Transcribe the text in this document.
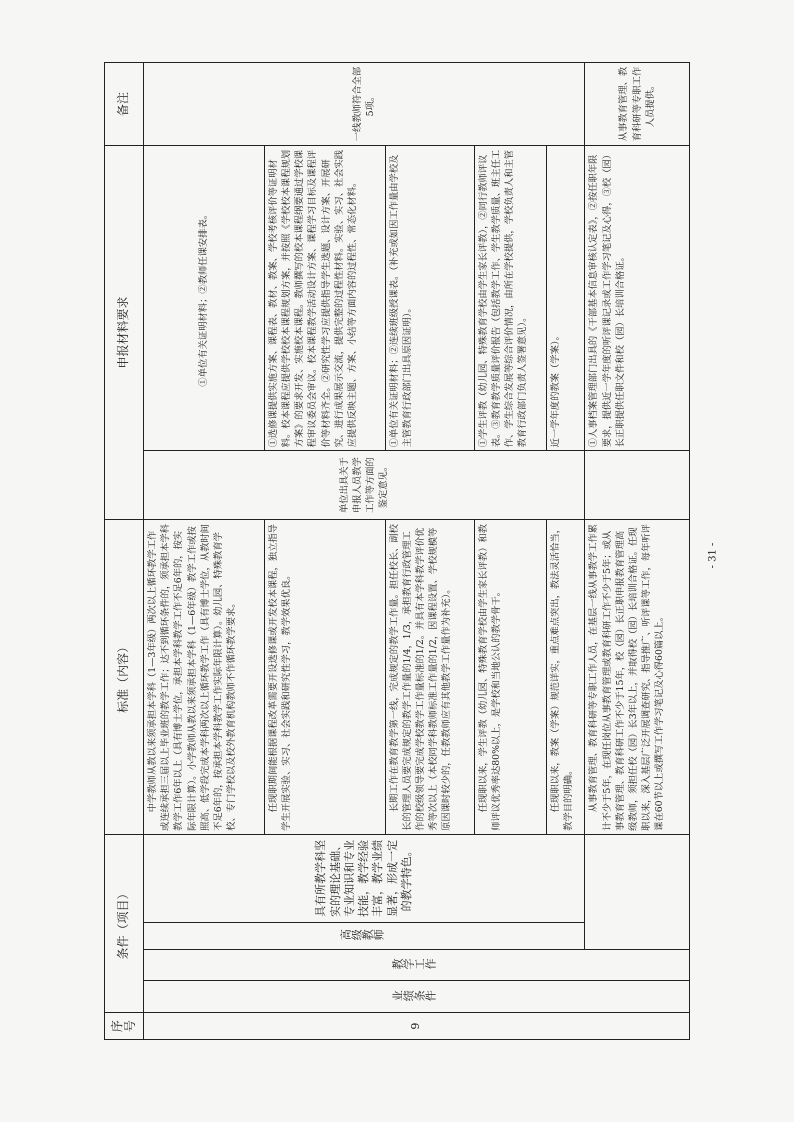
序号	条件（项目）				标准（内容）	申报材料要求		备注
9	业绩条件	教学工作	高级教师	具有所教学科坚实的理论基础、专业知识和专业技能，教学经验丰富，教学业绩显著，形成一定的教学特色。	中学教师从教以来须承担本学科（1—3年级）两次以上循环教学工作或连续承担三届以上毕业班的教学工作；达不到循环条件的，须承担本学科教学工作6年以上（具有博士学位，承担本学科教学工作不足6年的，按实际年限计算）。小学教师从教以来须承担本学科（1—6年级）教学工作或按照高、低学段完成本学科两次以上循环教学工作（具有博士学位，从教时间不足6年的，按承担本学科教学工作实际年限计算）。幼儿园、特殊教育学校、专门学校以及校外教育机构教师不作循环教学要求。	单位出具关于申报人员教学工作等方面的鉴定意见。	①单位有关证明材料；②教师任课安排表。	一线教师符合全部5项。
					任现职期间能根据课程改革需要开设选修课或开发校本课程，独立指导学生开展实验、实习、社会实践和研究性学习，教学效果优良。		①选修课提供实施方案、课程表、教材、教案、学校考核评价等证明材料。校本课程应提供学校校本课程规划方案，并按照《学校校本课程规划方案》的要求开发、实施校本课程。教师撰写的校本课程纲要通过学校课程审议委员会审议。校本课程教学活动设计方案、课程学习目标及课程评价等材料齐全。②研究性学习应提供指导学生选题、设计方案、开展研究、进行成果展示交流，提供完整的过程性材料。实验、实习、社会实践应提供反映主题、方案、小结等方面内容的过程性、常态化材料。	
					长期工作在教育教学第一线，完成规定的教学工作量。担任校长、副校长的管理人员要完成规定的教学工作量的1/4，1/3，承担教育行政管理工作的校级领导要完成学校教学工作量标准的1/2。并具有本学科教学评价优秀等次以上（本校同学科教师标准工作量的1/2，因课程设置、学校规模等原因课时较少的，任教教师应有其他教学工作量作为补充）。		①单位有关证明材料；②连续班级授课表。（补充或如因工作量由学校及主管教育行政部门出具原因证明）。	
					任现职以来，学生评教（幼儿园、特殊教育学校由学生家长评教）和教师评议优秀率达80%以上，是学校和当地公认的教学骨干。		①学生评教（幼儿园、特殊教育学校由学生家长评教），②同行教师评议表。③教育教学质量评价报告（包括教学工作、学生教学质量、班主任工作、学生综合发展等综合评价情况，由所在学校提供，学校负责人和主管教育行政部门负责人签署意见）。	
					任现职以来，教案（学案）规范详实，重点难点突出，教法灵活恰当，教学目的明确。		近一学年度的教案（学案）。	
					从事教育管理、教育科研等专职工作人员，在基层一线从事教学工作累计不少于5年，在现任岗位从事教育管理或教育科研工作不少于5年；或从事教育管理、教育科研工作不少于15年，校（园）长正职申报教育管理高级教师，须担任校（园）长3年以上，并取得校（园）长培训合格证。任现职以来，深入基层广泛开展调查研究、指导推广、听评课等工作，每年听评课在60节以上或撰写工作学习笔记及心得60篇以上。		①人事档案管理部门出具的《干部基本信息审核认定表》，②按任职年限要求，提供近一学年度的听评课记录或工作学习笔记及心得，③校（园）长正职提供任职文件和校（园）长培训合格证。	从事教育管理、教育科研等专职工作人员提供。
- 31 -
